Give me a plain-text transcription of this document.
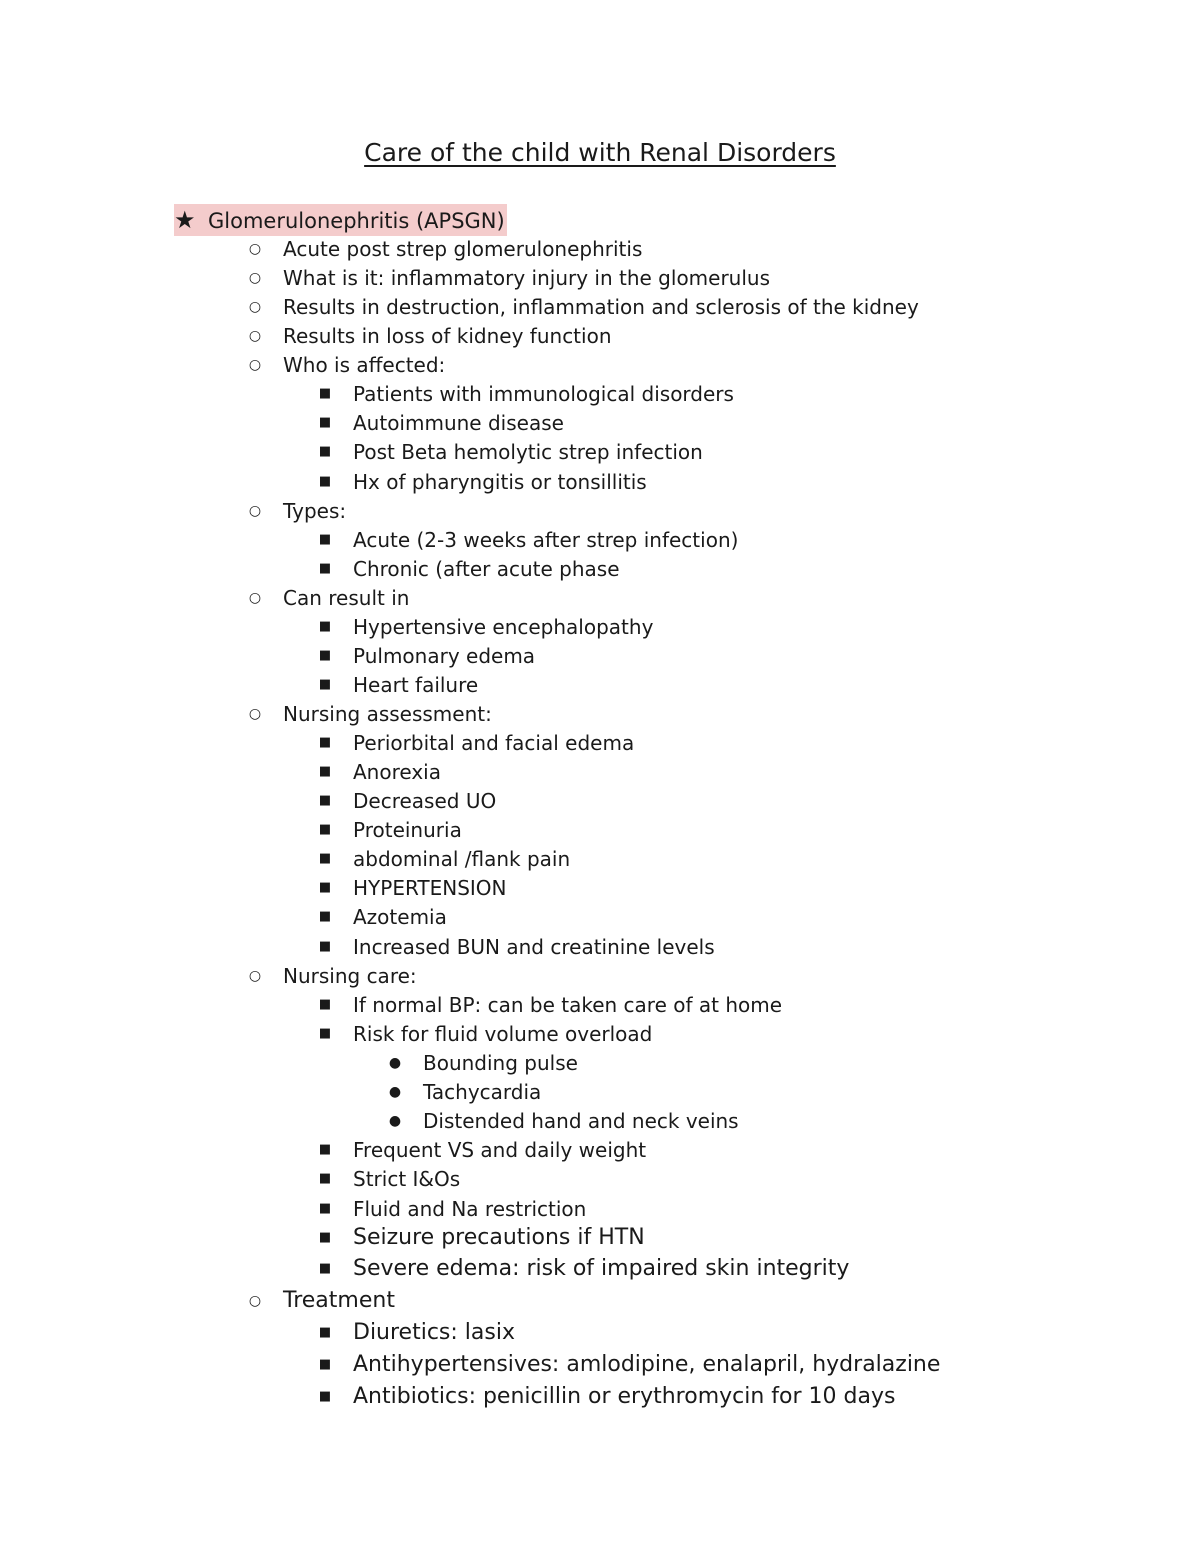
Care of the child with Renal Disorders
★ Glomerulonephritis (APSGN)
○ Acute post strep glomerulonephritis
○ What is it: inflammatory injury in the glomerulus
○ Results in destruction, inflammation and sclerosis of the kidney
○ Results in loss of kidney function
○ Who is affected:
■ Patients with immunological disorders
■ Autoimmune disease
■ Post Beta hemolytic strep infection
■ Hx of pharyngitis or tonsillitis
○ Types:
■ Acute (2-3 weeks after strep infection)
■ Chronic (after acute phase
○ Can result in
■ Hypertensive encephalopathy
■ Pulmonary edema
■ Heart failure
○ Nursing assessment:
■ Periorbital and facial edema
■ Anorexia
■ Decreased UO
■ Proteinuria
■ abdominal /flank pain
■ HYPERTENSION
■ Azotemia
■ Increased BUN and creatinine levels
○ Nursing care:
■ If normal BP: can be taken care of at home
■ Risk for fluid volume overload
● Bounding pulse
● Tachycardia
● Distended hand and neck veins
■ Frequent VS and daily weight
■ Strict I&Os
■ Fluid and Na restriction
■ Seizure precautions if HTN
■ Severe edema: risk of impaired skin integrity
○ Treatment
■ Diuretics: lasix
■ Antihypertensives: amlodipine, enalapril, hydralazine
■ Antibiotics: penicillin or erythromycin for 10 days
